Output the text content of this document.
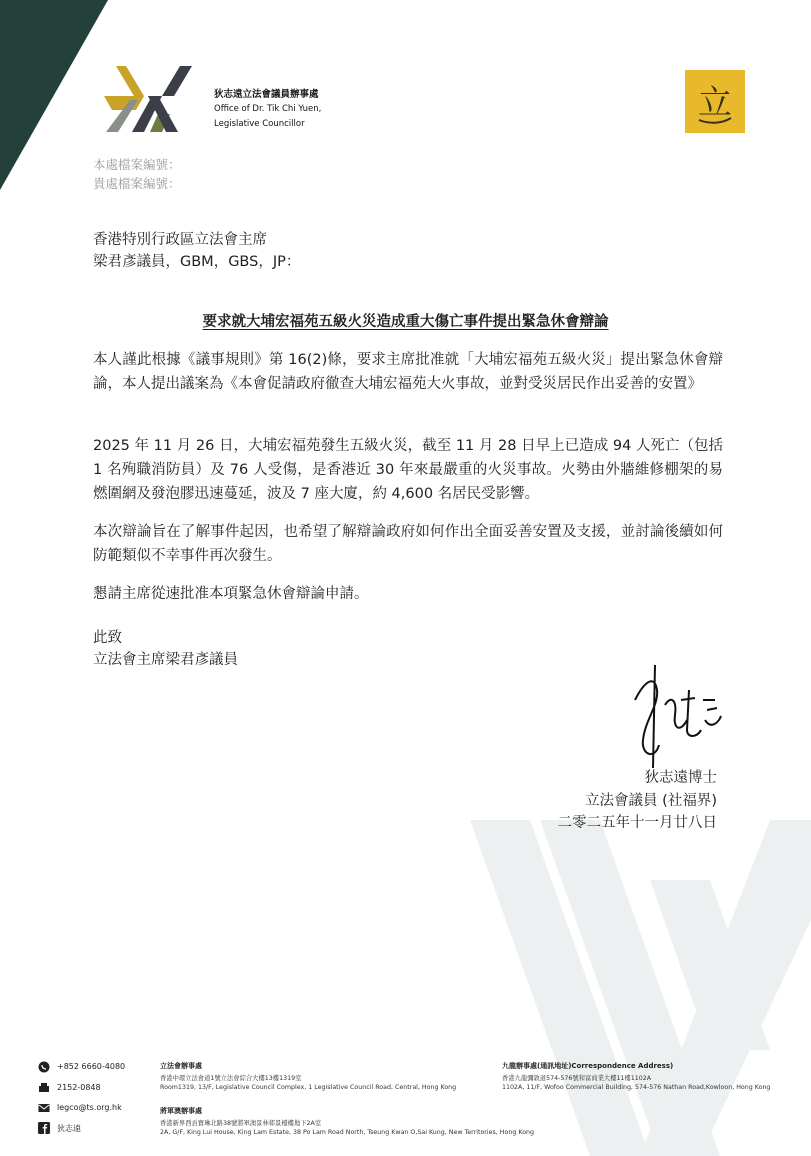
狄志遠立法會議員辦事處
Office of Dr. Tik Chi Yuen,
Legislative Councillor
立
本處檔案編號：
貴處檔案編號：
香港特別行政區立法會主席
梁君彥議員，GBM，GBS，JP：
要求就大埔宏福苑五級火災造成重大傷亡事件提出緊急休會辯論
本人謹此根據《議事規則》第 16(2)條，要求主席批准就「大埔宏福苑五級火災」提出緊急休會辯論，本人提出議案為《本會促請政府徹查大埔宏福苑大火事故，並對受災居民作出妥善的安置》
2025 年 11 月 26 日，大埔宏福苑發生五級火災，截至 11 月 28 日早上已造成 94 人死亡（包括 1 名殉職消防員）及 76 人受傷，是香港近 30 年來最嚴重的火災事故。火勢由外牆維修棚架的易燃圍網及發泡膠迅速蔓延，波及 7 座大廈，約 4,600 名居民受影響。
本次辯論旨在了解事件起因，也希望了解辯論政府如何作出全面妥善安置及支援，並討論後續如何防範類似不幸事件再次發生。
懇請主席從速批准本項緊急休會辯論申請。
此致
立法會主席梁君彥議員
狄志遠博士
立法會議員 (社福界)
二零二五年十一月廿八日
+852 6660-4080
2152-0848
legco@ts.org.hk
狄志遠
立法會辦事處
香港中環立法會道1號立法會綜合大樓13樓1319室
Room1319, 13/F, Legislative Council Complex, 1 Legislative Council Road, Central, Hong Kong
九龍辦事處(通訊地址)Correspondence Address)
香港九龍彌敦道574-576號和富商業大樓11樓1102A
1102A, 11/F, Wofoo Commercial Building, 574-576 Nathan Road,Kowloon, Hong Kong
將軍澳辦事處
香港新界西貢寶琳北路38號將軍澳景林邨景檯樓地下2A室
2A, G/F, King Lui House, King Lam Estate, 38 Po Lam Road North, Tseung Kwan O,Sai Kung, New Territories, Hong Kong
